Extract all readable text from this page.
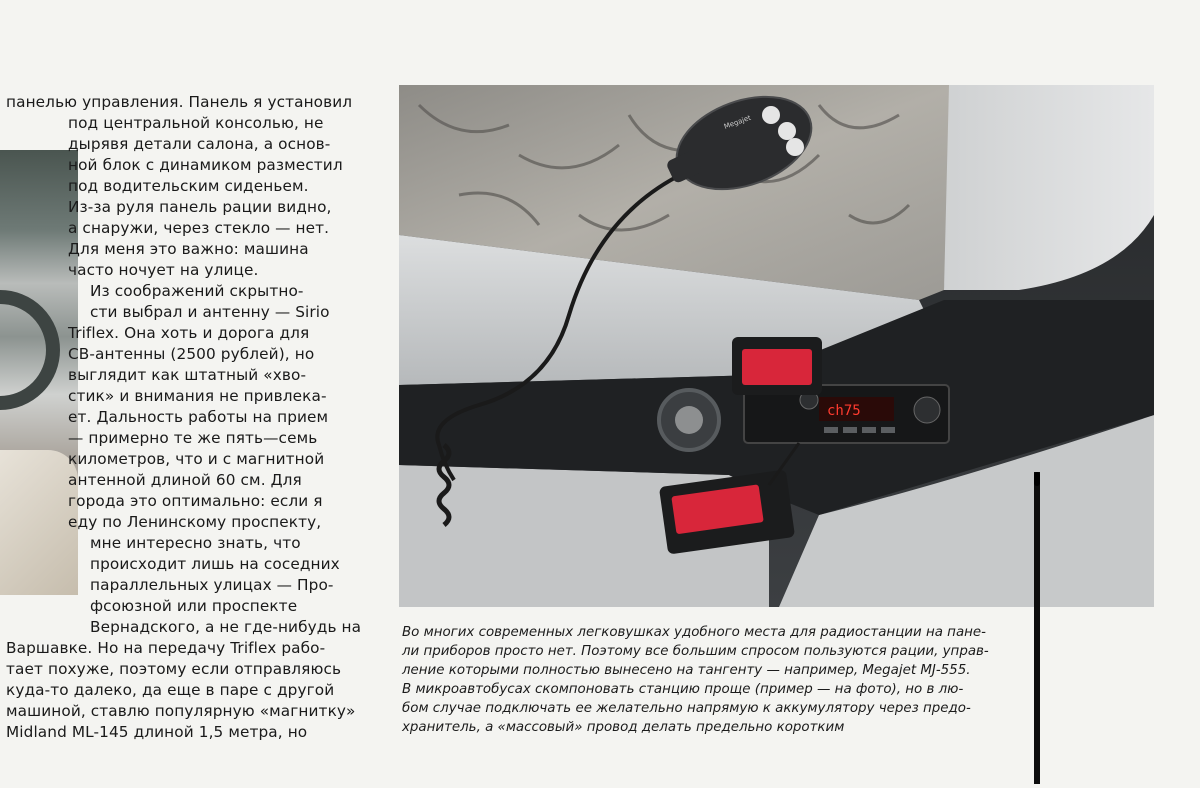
панелью управления. Панель я установил
под центральной консолью, не
дырявя детали салона, а основ-
ной блок с динамиком разместил
под водительским сиденьем.
Из-за руля панель рации видно,
а снаружи, через стекло — нет.
Для меня это важно: машина
часто ночует на улице.
Из соображений скрытно-
сти выбрал и антенну — Sirio
Triflex. Она хоть и дорога для
СВ-антенны (2500 рублей), но
выглядит как штатный «хво-
стик» и внимания не привлека-
ет. Дальность работы на прием
— примерно те же пять—семь
километров, что и с магнитной
антенной длиной 60 см. Для
города это оптимально: если я
еду по Ленинскому проспекту,
мне интересно знать, что
происходит лишь на соседних
параллельных улицах — Про-
фсоюзной или проспекте
Вернадского, а не где-нибудь на
Варшавке. Но на передачу Triflex рабо-
тает похуже, поэтому если отправляюсь
куда-то далеко, да еще в паре с другой
машиной, ставлю популярную «магнитку»
Midland ML-145 длиной 1,5 метра, но
ch75
Megajet
Во многих современных легковушках удобного места для радиостанции на пане-
ли приборов просто нет. Поэтому все большим спросом пользуются рации, управ-
ление которыми полностью вынесено на тангенту — например, Megajet MJ-555.
В микроавтобусах скомпоновать станцию проще (пример — на фото), но в лю-
бом случае подключать ее желательно напрямую к аккумулятору через предо-
хранитель, а «массовый» провод делать предельно коротким
